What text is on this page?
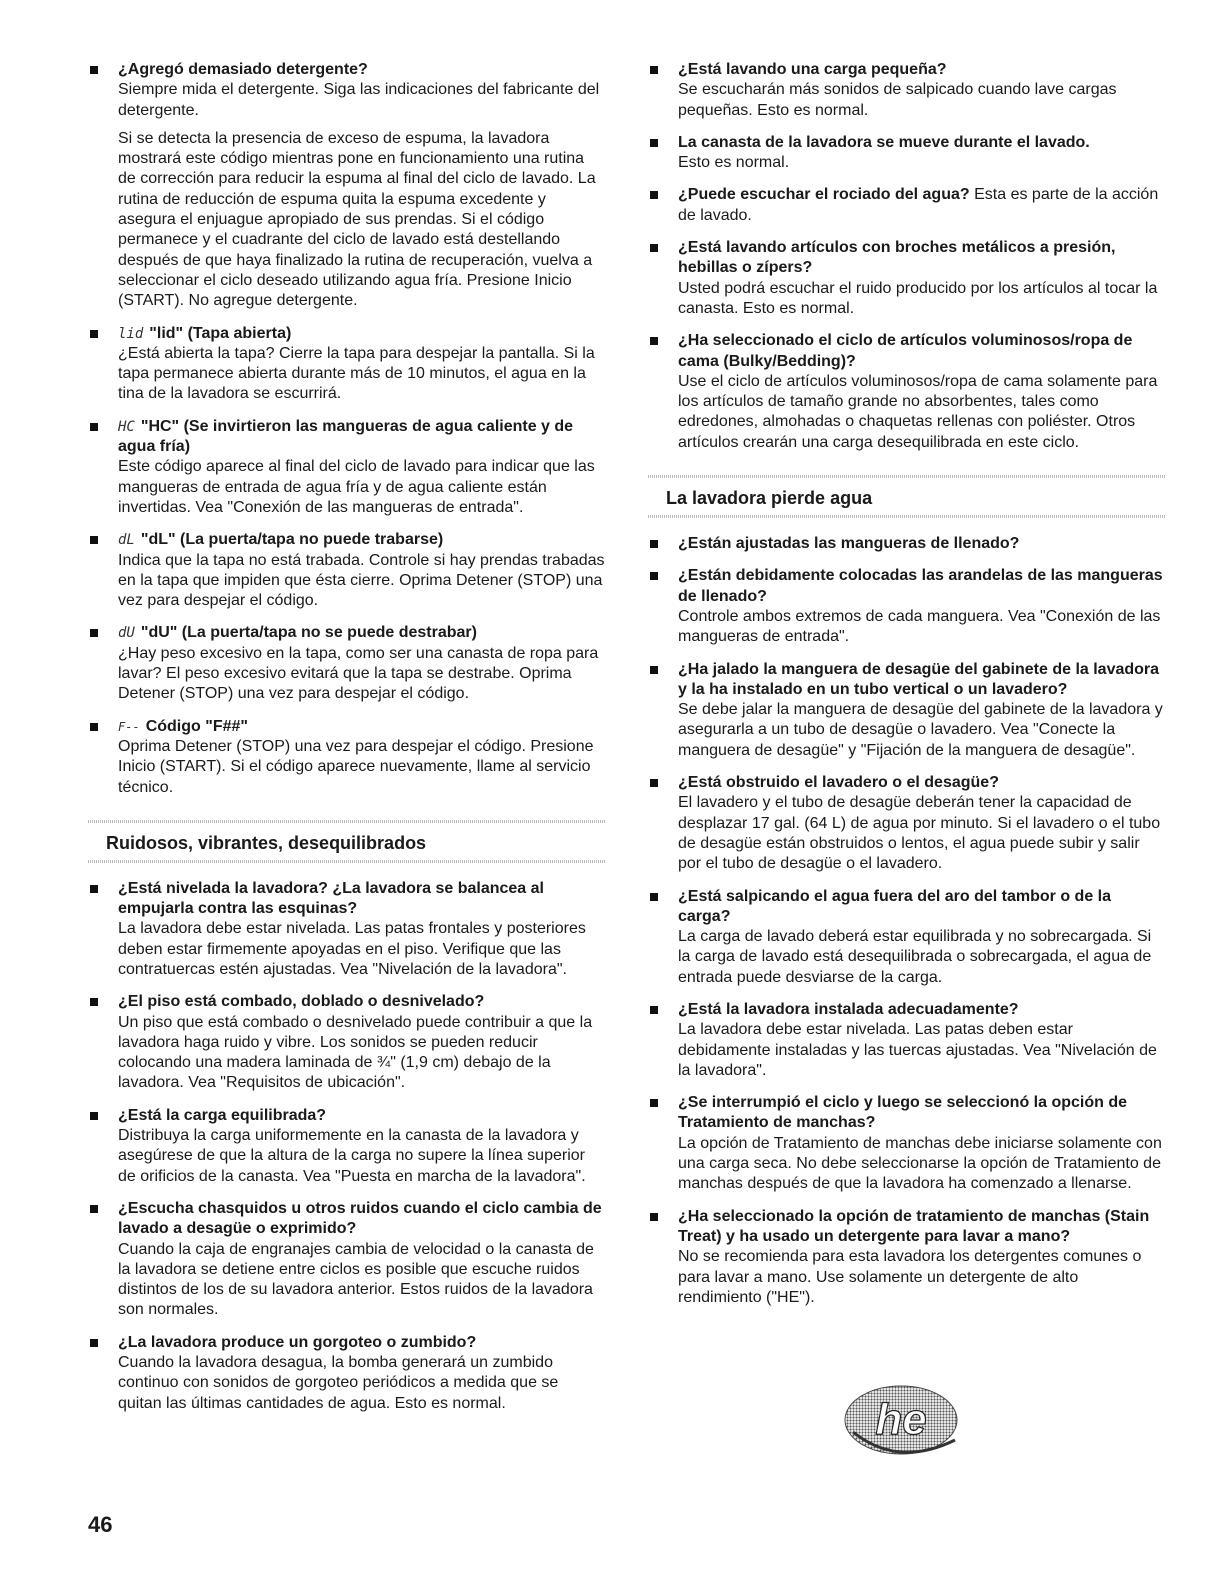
¿Agregó demasiado detergente?
Siempre mida el detergente. Siga las indicaciones del fabricante del detergente.
Si se detecta la presencia de exceso de espuma, la lavadora mostrará este código mientras pone en funcionamiento una rutina de corrección para reducir la espuma al final del ciclo de lavado. La rutina de reducción de espuma quita la espuma excedente y asegura el enjuague apropiado de sus prendas. Si el código permanece y el cuadrante del ciclo de lavado está destellando después de que haya finalizado la rutina de recuperación, vuelva a seleccionar el ciclo deseado utilizando agua fría. Presione Inicio (START). No agregue detergente.
lid "lid" (Tapa abierta)
¿Está abierta la tapa? Cierre la tapa para despejar la pantalla. Si la tapa permanece abierta durante más de 10 minutos, el agua en la tina de la lavadora se escurrirá.
HC "HC" (Se invirtieron las mangueras de agua caliente y de agua fría)
Este código aparece al final del ciclo de lavado para indicar que las mangueras de entrada de agua fría y de agua caliente están invertidas. Vea "Conexión de las mangueras de entrada".
dL "dL" (La puerta/tapa no puede trabarse)
Indica que la tapa no está trabada. Controle si hay prendas trabadas en la tapa que impiden que ésta cierre. Oprima Detener (STOP) una vez para despejar el código.
dU "dU" (La puerta/tapa no se puede destrabar)
¿Hay peso excesivo en la tapa, como ser una canasta de ropa para lavar? El peso excesivo evitará que la tapa se destrabe. Oprima Detener (STOP) una vez para despejar el código.
F-- Código "F##"
Oprima Detener (STOP) una vez para despejar el código. Presione Inicio (START). Si el código aparece nuevamente, llame al servicio técnico.
Ruidosos, vibrantes, desequilibrados
¿Está nivelada la lavadora? ¿La lavadora se balancea al empujarla contra las esquinas?
La lavadora debe estar nivelada. Las patas frontales y posteriores deben estar firmemente apoyadas en el piso. Verifique que las contratuercas estén ajustadas. Vea "Nivelación de la lavadora".
¿El piso está combado, doblado o desnivelado?
Un piso que está combado o desnivelado puede contribuir a que la lavadora haga ruido y vibre. Los sonidos se pueden reducir colocando una madera laminada de ¾" (1,9 cm) debajo de la lavadora. Vea "Requisitos de ubicación".
¿Está la carga equilibrada?
Distribuya la carga uniformemente en la canasta de la lavadora y asegúrese de que la altura de la carga no supere la línea superior de orificios de la canasta. Vea "Puesta en marcha de la lavadora".
¿Escucha chasquidos u otros ruidos cuando el ciclo cambia de lavado a desagüe o exprimido?
Cuando la caja de engranajes cambia de velocidad o la canasta de la lavadora se detiene entre ciclos es posible que escuche ruidos distintos de los de su lavadora anterior. Estos ruidos de la lavadora son normales.
¿La lavadora produce un gorgoteo o zumbido?
Cuando la lavadora desagua, la bomba generará un zumbido continuo con sonidos de gorgoteo periódicos a medida que se quitan las últimas cantidades de agua. Esto es normal.
¿Está lavando una carga pequeña?
Se escucharán más sonidos de salpicado cuando lave cargas pequeñas. Esto es normal.
La canasta de la lavadora se mueve durante el lavado.
Esto es normal.
¿Puede escuchar el rociado del agua? Esta es parte de la acción de lavado.
¿Está lavando artículos con broches metálicos a presión, hebillas o zípers?
Usted podrá escuchar el ruido producido por los artículos al tocar la canasta. Esto es normal.
¿Ha seleccionado el ciclo de artículos voluminosos/ropa de cama (Bulky/Bedding)?
Use el ciclo de artículos voluminosos/ropa de cama solamente para los artículos de tamaño grande no absorbentes, tales como edredones, almohadas o chaquetas rellenas con poliéster. Otros artículos crearán una carga desequilibrada en este ciclo.
La lavadora pierde agua
¿Están ajustadas las mangueras de llenado?
¿Están debidamente colocadas las arandelas de las mangueras de llenado?
Controle ambos extremos de cada manguera. Vea "Conexión de las mangueras de entrada".
¿Ha jalado la manguera de desagüe del gabinete de la lavadora y la ha instalado en un tubo vertical o un lavadero?
Se debe jalar la manguera de desagüe del gabinete de la lavadora y asegurarla a un tubo de desagüe o lavadero. Vea "Conecte la manguera de desagüe" y "Fijación de la manguera de desagüe".
¿Está obstruido el lavadero o el desagüe?
El lavadero y el tubo de desagüe deberán tener la capacidad de desplazar 17 gal. (64 L) de agua por minuto. Si el lavadero o el tubo de desagüe están obstruidos o lentos, el agua puede subir y salir por el tubo de desagüe o el lavadero.
¿Está salpicando el agua fuera del aro del tambor o de la carga?
La carga de lavado deberá estar equilibrada y no sobrecargada. Si la carga de lavado está desequilibrada o sobrecargada, el agua de entrada puede desviarse de la carga.
¿Está la lavadora instalada adecuadamente?
La lavadora debe estar nivelada. Las patas deben estar debidamente instaladas y las tuercas ajustadas. Vea "Nivelación de la lavadora".
¿Se interrumpió el ciclo y luego se seleccionó la opción de Tratamiento de manchas?
La opción de Tratamiento de manchas debe iniciarse solamente con una carga seca. No debe seleccionarse la opción de Tratamiento de manchas después de que la lavadora ha comenzado a llenarse.
¿Ha seleccionado la opción de tratamiento de manchas (Stain Treat) y ha usado un detergente para lavar a mano?
No se recomienda para esta lavadora los detergentes comunes o para lavar a mano. Use solamente un detergente de alto rendimiento ("HE").
he
46
